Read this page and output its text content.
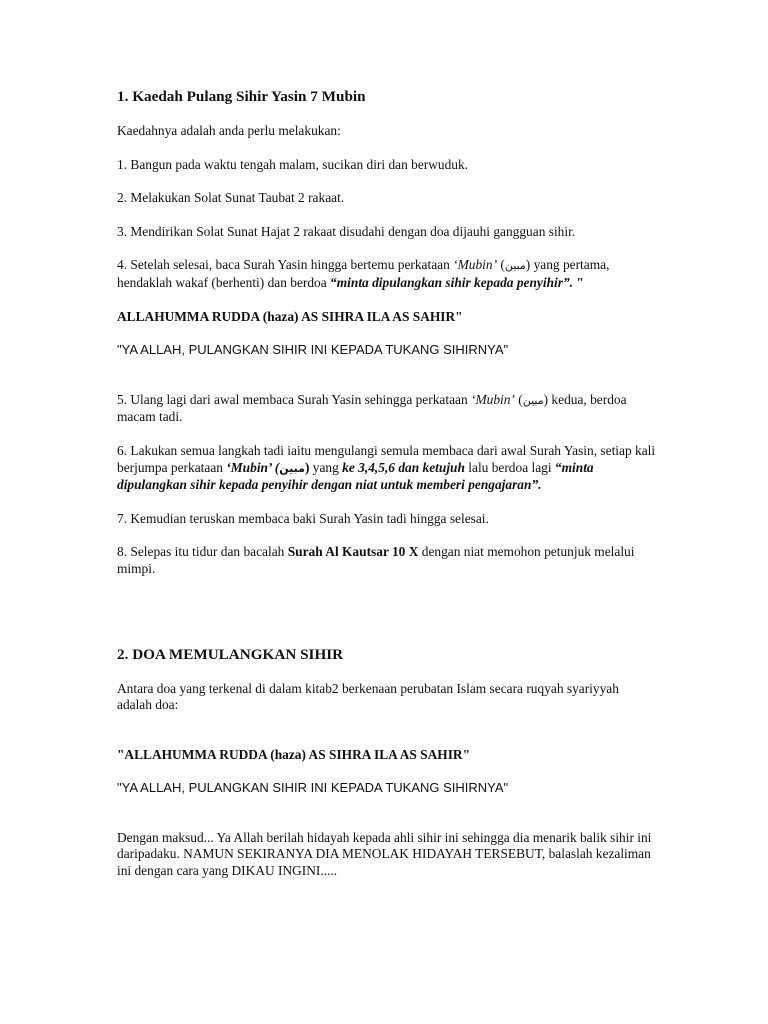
1. Kaedah Pulang Sihir Yasin 7 Mubin
Kaedahnya adalah anda perlu melakukan:
1. Bangun pada waktu tengah malam, sucikan diri dan berwuduk.
2. Melakukan Solat Sunat Taubat 2 rakaat.
3. Mendirikan Solat Sunat Hajat 2 rakaat disudahi dengan doa dijauhi gangguan sihir.
4. Setelah selesai, baca Surah Yasin hingga bertemu perkataan ‘Mubin’ (مبين) yang pertama, hendaklah wakaf (berhenti) dan berdoa “minta dipulangkan sihir kepada penyihir”. "
ALLAHUMMA RUDDA (haza) AS SIHRA ILA AS SAHIR"
"YA ALLAH, PULANGKAN SIHIR INI KEPADA TUKANG SIHIRNYA"
5. Ulang lagi dari awal membaca Surah Yasin sehingga perkataan ‘Mubin’ (مبين) kedua, berdoa macam tadi.
6. Lakukan semua langkah tadi iaitu mengulangi semula membaca dari awal Surah Yasin, setiap kali berjumpa perkataan ‘Mubin’ (مبين) yang ke 3,4,5,6 dan ketujuh lalu berdoa lagi “minta dipulangkan sihir kepada penyihir dengan niat untuk memberi pengajaran”.
7. Kemudian teruskan membaca baki Surah Yasin tadi hingga selesai.
8. Selepas itu tidur dan bacalah Surah Al Kautsar 10 X dengan niat memohon petunjuk melalui mimpi.
2. DOA MEMULANGKAN SIHIR
Antara doa yang terkenal di dalam kitab2 berkenaan perubatan Islam secara ruqyah syariyyah adalah doa:
"ALLAHUMMA RUDDA (haza) AS SIHRA ILA AS SAHIR"
"YA ALLAH, PULANGKAN SIHIR INI KEPADA TUKANG SIHIRNYA"
Dengan maksud... Ya Allah berilah hidayah kepada ahli sihir ini sehingga dia menarik balik sihir ini daripadaku. NAMUN SEKIRANYA DIA MENOLAK HIDAYAH TERSEBUT, balaslah kezaliman ini dengan cara yang DIKAU INGINI.....
